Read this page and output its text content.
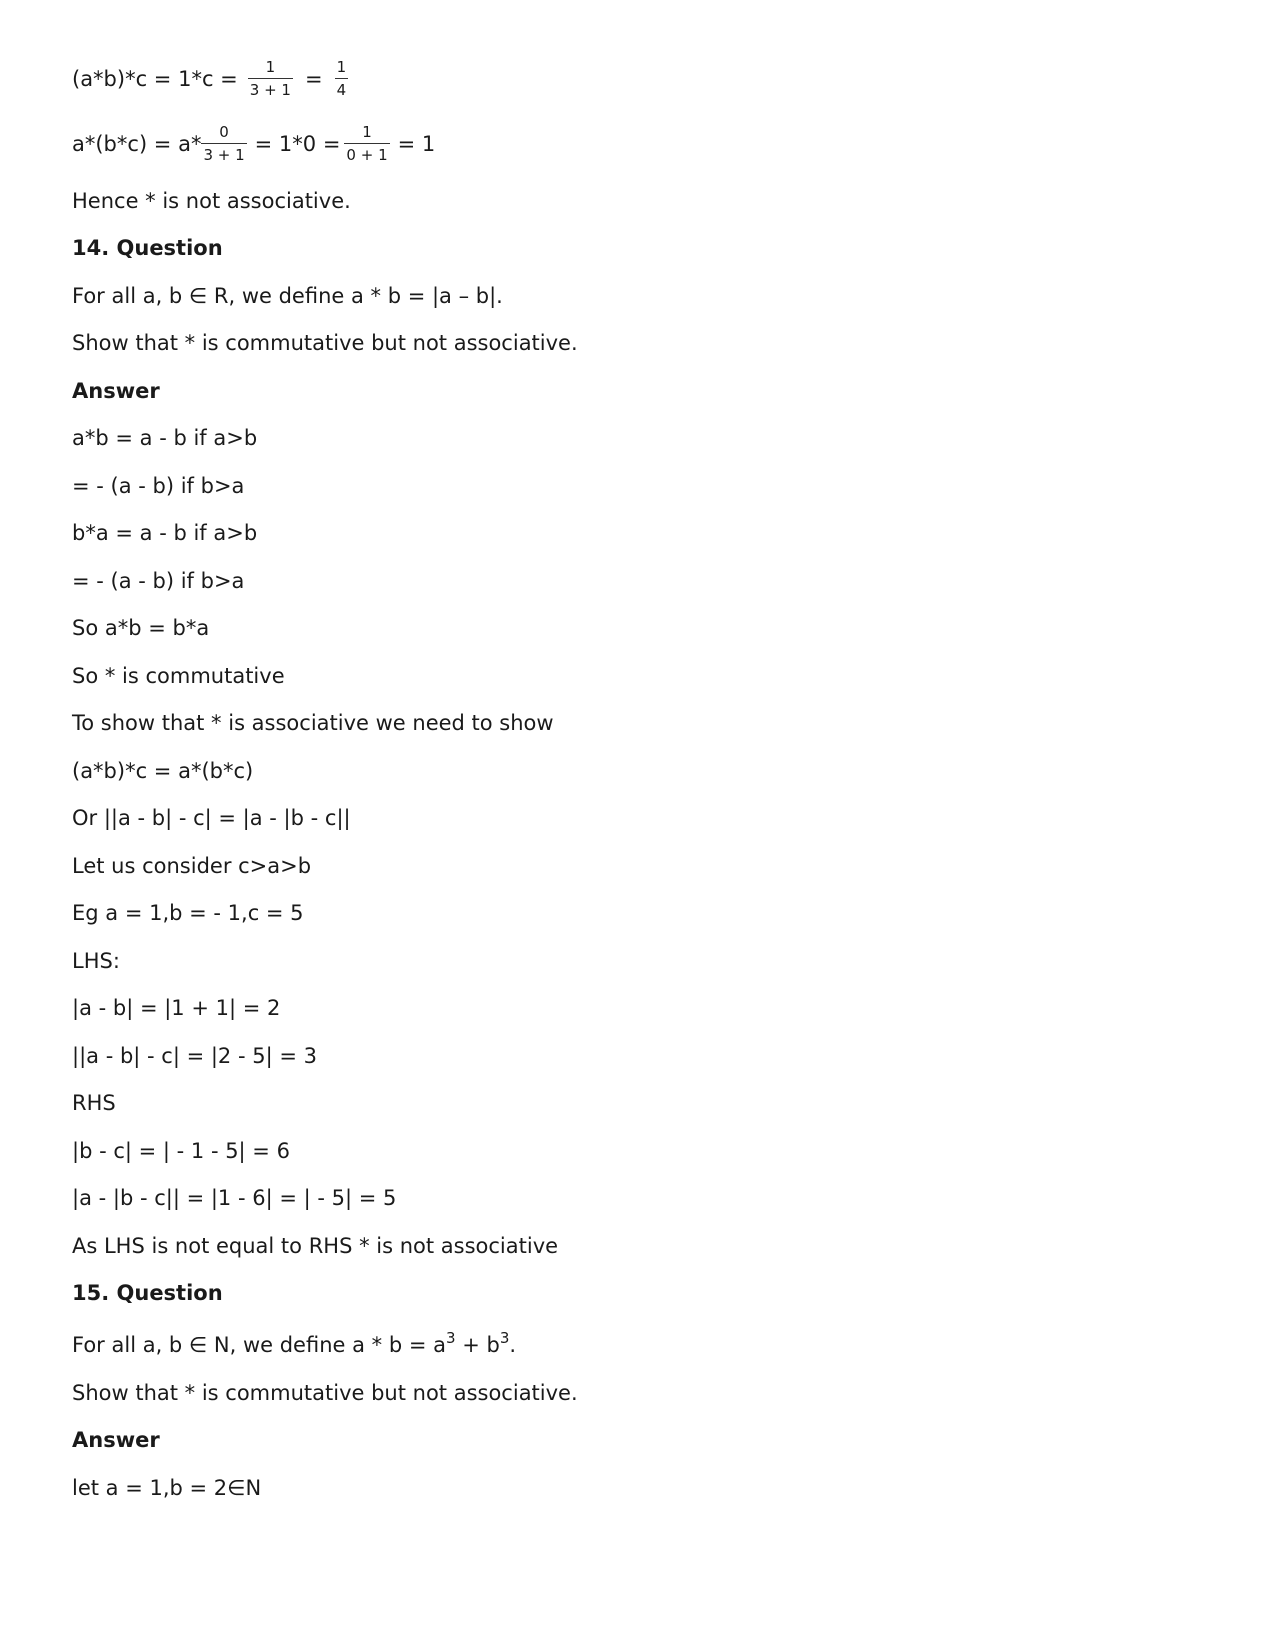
$(a*b)*c = 1*c = \frac{1}{3 + 1} = \frac{1}{4}$
$a*(b*c) = a* \frac{0}{3 + 1} = 1*0 = \frac{1}{0 + 1} = 1$
Hence * is not associative.
14. Question
For all a, b ∈ R, we define a * b = |a – b|.
Show that * is commutative but not associative.
Answer
a*b = a - b if a>b
= - (a - b) if b>a
b*a = a - b if a>b
= - (a - b) if b>a
So a*b = b*a
So * is commutative
To show that * is associative we need to show
(a*b)*c = a*(b*c)
Or ||a - b| - c| = |a - |b - c||
Let us consider c>a>b
Eg a = 1,b = - 1,c = 5
LHS:
|a - b| = |1 + 1| = 2
||a - b| - c| = |2 - 5| = 3
RHS
|b - c| = | - 1 - 5| = 6
|a - |b - c|| = |1 - 6| = | - 5| = 5
As LHS is not equal to RHS * is not associative
15. Question
For all a, b ∈ N, we define $a * b = a^3 + b^3$.
Show that * is commutative but not associative.
Answer
let a = 1,b = 2∈N
